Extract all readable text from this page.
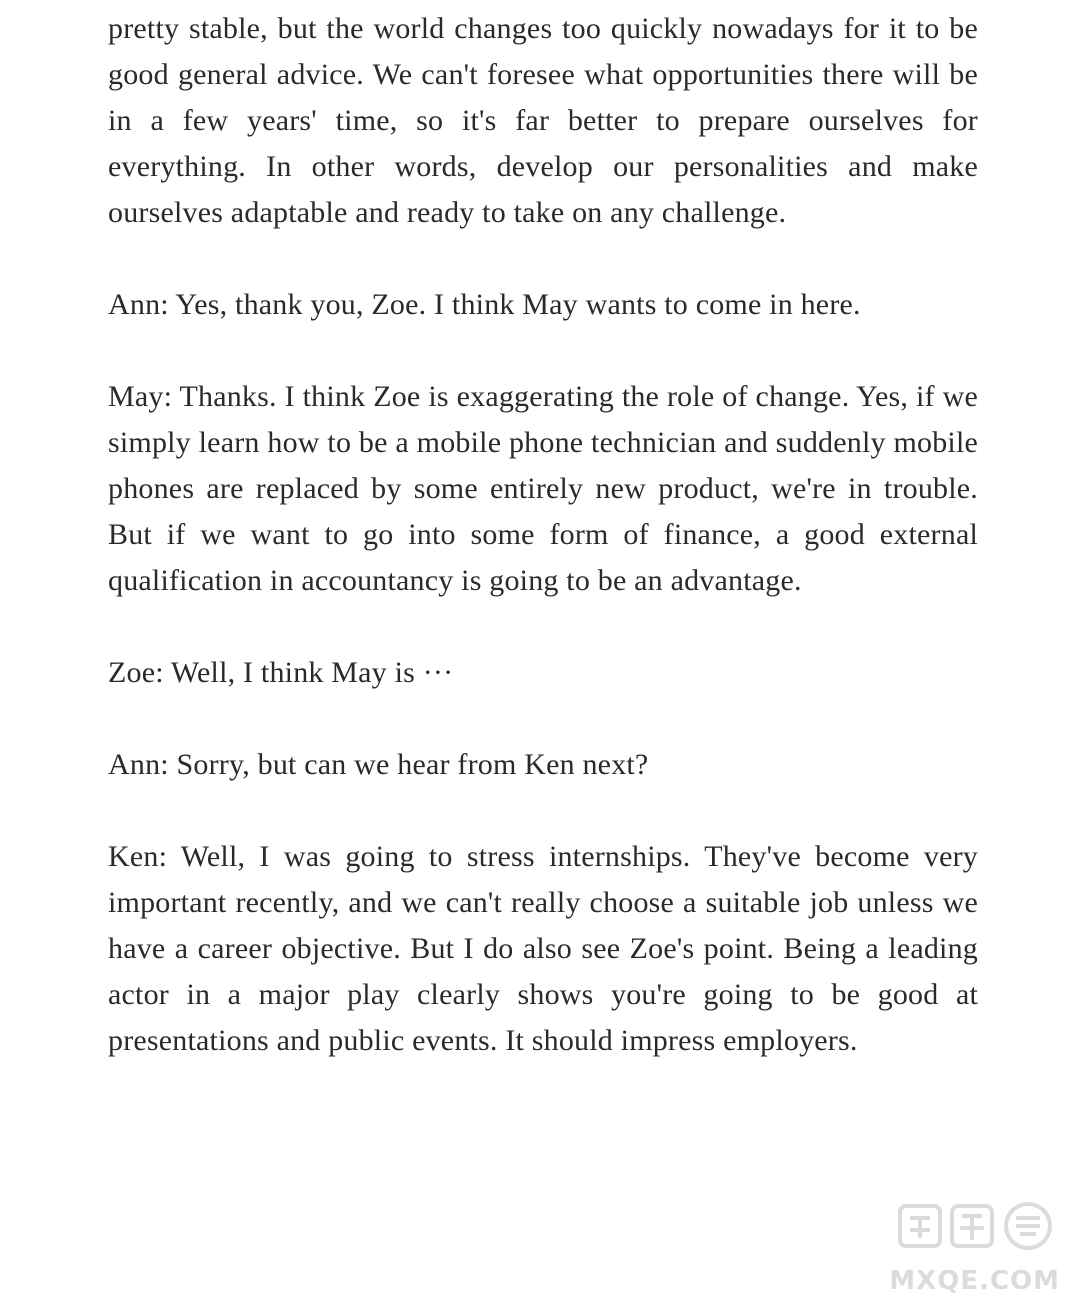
pretty stable, but the world changes too quickly nowadays for it to be good general advice. We can't foresee what opportunities there will be in a few years' time, so it's far better to prepare ourselves for everything. In other words, develop our personalities and make ourselves adaptable and ready to take on any challenge.

Ann: Yes, thank you, Zoe. I think May wants to come in here.

May: Thanks. I think Zoe is exaggerating the role of change. Yes, if we simply learn how to be a mobile phone technician and suddenly mobile phones are replaced by some entirely new product, we're in trouble. But if we want to go into some form of finance, a good external qualification in accountancy is going to be an advantage.

Zoe: Well, I think May is ···

Ann: Sorry, but can we hear from Ken next?

Ken: Well, I was going to stress internships. They've become very important recently, and we can't really choose a suitable job unless we have a career objective. But I do also see Zoe's point. Being a leading actor in a major play clearly shows you're going to be good at presentations and public events. It should impress employers.

MXQE.COM
